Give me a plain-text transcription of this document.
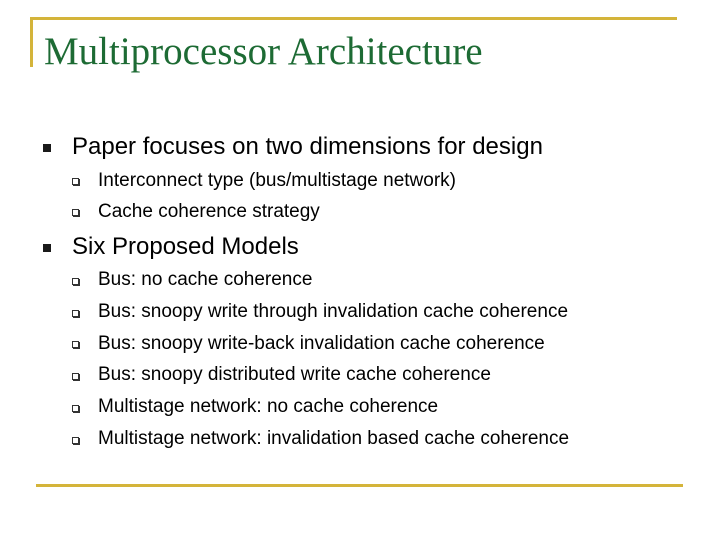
Multiprocessor Architecture
Paper focuses on two dimensions for design
Interconnect type (bus/multistage network)
Cache coherence strategy
Six Proposed Models
Bus: no cache coherence
Bus: snoopy write through invalidation cache coherence
Bus: snoopy write-back invalidation cache coherence
Bus: snoopy distributed write cache coherence
Multistage network: no cache coherence
Multistage network: invalidation based cache coherence
